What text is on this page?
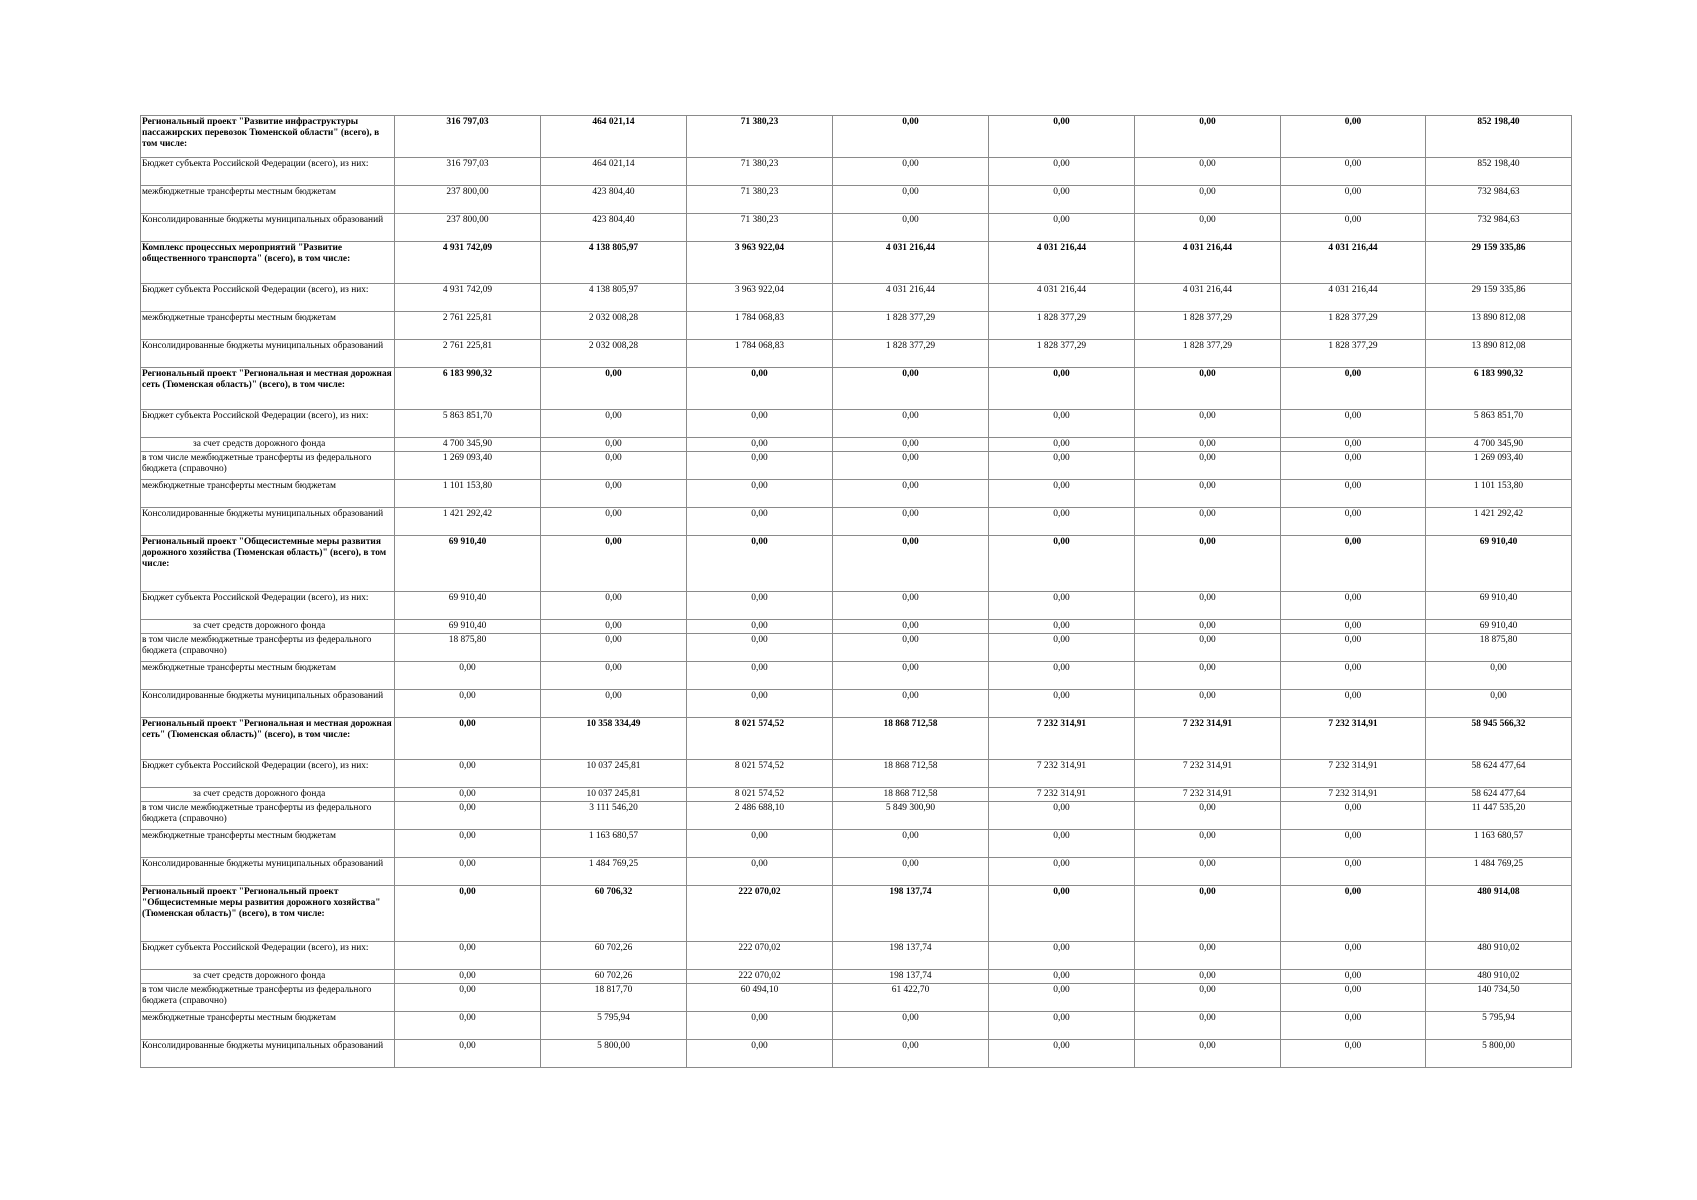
Региональный проект "Развитие инфраструктуры пассажирских перевозок Тюменской области" (всего), в том числе:	316 797,03	464 021,14	71 380,23	0,00	0,00	0,00	0,00	852 198,40
Бюджет субъекта Российской Федерации (всего), из них:	316 797,03	464 021,14	71 380,23	0,00	0,00	0,00	0,00	852 198,40
межбюджетные трансферты местным бюджетам	237 800,00	423 804,40	71 380,23	0,00	0,00	0,00	0,00	732 984,63
Консолидированные бюджеты муниципальных образований	237 800,00	423 804,40	71 380,23	0,00	0,00	0,00	0,00	732 984,63
Комплекс процессных мероприятий "Развитие общественного транспорта" (всего), в том числе:	4 931 742,09	4 138 805,97	3 963 922,04	4 031 216,44	4 031 216,44	4 031 216,44	4 031 216,44	29 159 335,86
Бюджет субъекта Российской Федерации (всего), из них:	4 931 742,09	4 138 805,97	3 963 922,04	4 031 216,44	4 031 216,44	4 031 216,44	4 031 216,44	29 159 335,86
межбюджетные трансферты местным бюджетам	2 761 225,81	2 032 008,28	1 784 068,83	1 828 377,29	1 828 377,29	1 828 377,29	1 828 377,29	13 890 812,08
Консолидированные бюджеты муниципальных образований	2 761 225,81	2 032 008,28	1 784 068,83	1 828 377,29	1 828 377,29	1 828 377,29	1 828 377,29	13 890 812,08
Региональный проект "Региональная и местная дорожная сеть (Тюменская область)" (всего), в том числе:	6 183 990,32	0,00	0,00	0,00	0,00	0,00	0,00	6 183 990,32
Бюджет субъекта Российской Федерации (всего), из них:	5 863 851,70	0,00	0,00	0,00	0,00	0,00	0,00	5 863 851,70
за счет средств дорожного фонда	4 700 345,90	0,00	0,00	0,00	0,00	0,00	0,00	4 700 345,90
в том числе межбюджетные трансферты из федерального бюджета (справочно)	1 269 093,40	0,00	0,00	0,00	0,00	0,00	0,00	1 269 093,40
межбюджетные трансферты местным бюджетам	1 101 153,80	0,00	0,00	0,00	0,00	0,00	0,00	1 101 153,80
Консолидированные бюджеты муниципальных образований	1 421 292,42	0,00	0,00	0,00	0,00	0,00	0,00	1 421 292,42
Региональный проект "Общесистемные меры развития дорожного хозяйства (Тюменская область)" (всего), в том числе:	69 910,40	0,00	0,00	0,00	0,00	0,00	0,00	69 910,40
Бюджет субъекта Российской Федерации (всего), из них:	69 910,40	0,00	0,00	0,00	0,00	0,00	0,00	69 910,40
за счет средств дорожного фонда	69 910,40	0,00	0,00	0,00	0,00	0,00	0,00	69 910,40
в том числе межбюджетные трансферты из федерального бюджета (справочно)	18 875,80	0,00	0,00	0,00	0,00	0,00	0,00	18 875,80
межбюджетные трансферты местным бюджетам	0,00	0,00	0,00	0,00	0,00	0,00	0,00	0,00
Консолидированные бюджеты муниципальных образований	0,00	0,00	0,00	0,00	0,00	0,00	0,00	0,00
Региональный проект "Региональная и местная дорожная сеть" (Тюменская область)" (всего), в том числе:	0,00	10 358 334,49	8 021 574,52	18 868 712,58	7 232 314,91	7 232 314,91	7 232 314,91	58 945 566,32
Бюджет субъекта Российской Федерации (всего), из них:	0,00	10 037 245,81	8 021 574,52	18 868 712,58	7 232 314,91	7 232 314,91	7 232 314,91	58 624 477,64
за счет средств дорожного фонда	0,00	10 037 245,81	8 021 574,52	18 868 712,58	7 232 314,91	7 232 314,91	7 232 314,91	58 624 477,64
в том числе межбюджетные трансферты из федерального бюджета (справочно)	0,00	3 111 546,20	2 486 688,10	5 849 300,90	0,00	0,00	0,00	11 447 535,20
межбюджетные трансферты местным бюджетам	0,00	1 163 680,57	0,00	0,00	0,00	0,00	0,00	1 163 680,57
Консолидированные бюджеты муниципальных образований	0,00	1 484 769,25	0,00	0,00	0,00	0,00	0,00	1 484 769,25
Региональный проект "Региональный проект "Общесистемные меры развития дорожного хозяйства" (Тюменская область)" (всего), в том числе:	0,00	60 706,32	222 070,02	198 137,74	0,00	0,00	0,00	480 914,08
Бюджет субъекта Российской Федерации (всего), из них:	0,00	60 702,26	222 070,02	198 137,74	0,00	0,00	0,00	480 910,02
за счет средств дорожного фонда	0,00	60 702,26	222 070,02	198 137,74	0,00	0,00	0,00	480 910,02
в том числе межбюджетные трансферты из федерального бюджета (справочно)	0,00	18 817,70	60 494,10	61 422,70	0,00	0,00	0,00	140 734,50
межбюджетные трансферты местным бюджетам	0,00	5 795,94	0,00	0,00	0,00	0,00	0,00	5 795,94
Консолидированные бюджеты муниципальных образований	0,00	5 800,00	0,00	0,00	0,00	0,00	0,00	5 800,00
